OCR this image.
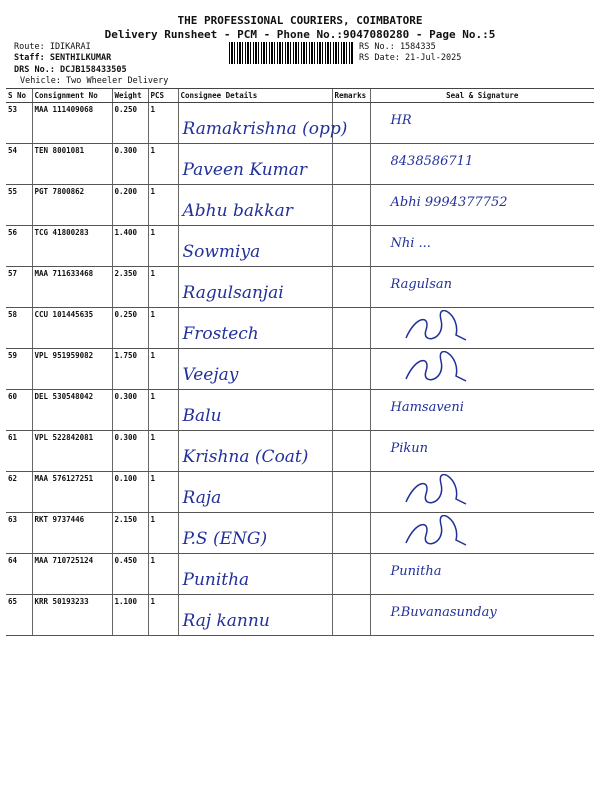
THE PROFESSIONAL COURIERS, COIMBATORE
Delivery Runsheet - PCM - Phone No.:9047080280 - Page No.:5
Route: IDIKARAI
Staff: SENTHILKUMAR
DRS No.: DCJB158433505
Vehicle: Two Wheeler Delivery
RS No.: 1584335
RS Date: 21-Jul-2025
S No	Consignment No	Weight	PCS	Consignee Details	Remarks	Seal & Signature
53	MAA 111409068	0.250	1	Ramakrishna (opp)		HR

54	TEN 8001081	0.300	1	Paveen Kumar		8438586711

55	PGT 7800862	0.200	1	Abhu bakkar		Abhi 9994377752

56	TCG 41800283	1.400	1	Sowmiya		Nhi ...

57	MAA 711633468	2.350	1	Ragulsanjai		Ragulsan

58	CCU 101445635	0.250	1	Frostech

59	VPL 951959082	1.750	1	Veejay

60	DEL 530548042	0.300	1	Balu		Hamsaveni

61	VPL 522842081	0.300	1	Krishna (Coat)		Pikun

62	MAA 576127251	0.100	1	Raja

63	RKT 9737446	2.150	1	P.S (ENG)

64	MAA 710725124	0.450	1	Punitha		Punitha

65	KRR 50193233	1.100	1	Raj kannu		P.Buvanasunday
